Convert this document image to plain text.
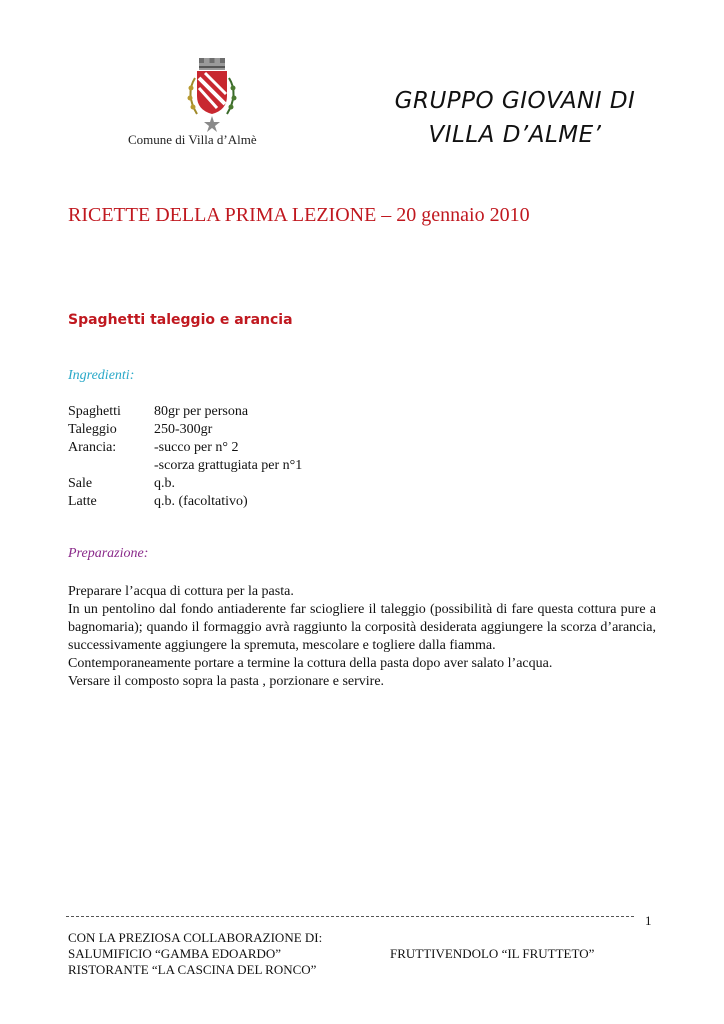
Comune di Villa d’Almè
GRUPPO GIOVANI DI
VILLA D’ALME’
RICETTE DELLA PRIMA LEZIONE – 20 gennaio 2010
Spaghetti taleggio e arancia
Ingredienti:
Spaghetti	80gr per persona
Taleggio	250-300gr
Arancia:	-succo per n° 2
-scorza grattugiata per n°1
Sale	q.b.
Latte	q.b. (facoltativo)
Preparazione:

Preparare l’acqua di cottura per la pasta.

In un pentolino dal fondo antiaderente far sciogliere il taleggio (possibilità di fare questa cottura pure a bagnomaria); quando il formaggio avrà raggiunto la corposità desiderata aggiungere la scorza d’arancia, successivamente aggiungere la spremuta, mescolare e togliere dalla fiamma.

Contemporaneamente portare a termine la cottura della pasta dopo aver salato l’acqua.

Versare il composto sopra la pasta , porzionare e servire.

1
CON LA PREZIOSA COLLABORAZIONE DI:
SALUMIFICIO “GAMBA EDOARDO”
RISTORANTE “LA CASCINA DEL RONCO”
FRUTTIVENDOLO “IL FRUTTETO”
